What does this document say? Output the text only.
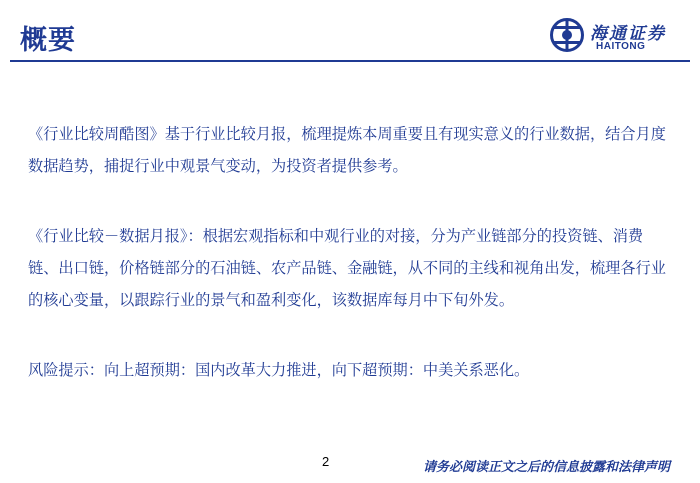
概要	海通证券
HAITONG

《行业比较周酷图》基于行业比较月报，梳理提炼本周重要且有现实意义的行业数据，结合月度数据趋势，捕捉行业中观景气变动，为投资者提供参考。

《行业比较－数据月报》：根据宏观指标和中观行业的对接，分为产业链部分的投资链、消费链、出口链，价格链部分的石油链、农产品链、金融链，从不同的主线和视角出发，梳理各行业的核心变量，以跟踪行业的景气和盈利变化，该数据库每月中下旬外发。

风险提示：向上超预期：国内改革大力推进，向下超预期：中美关系恶化。

2	请务必阅读正文之后的信息披露和法律声明
